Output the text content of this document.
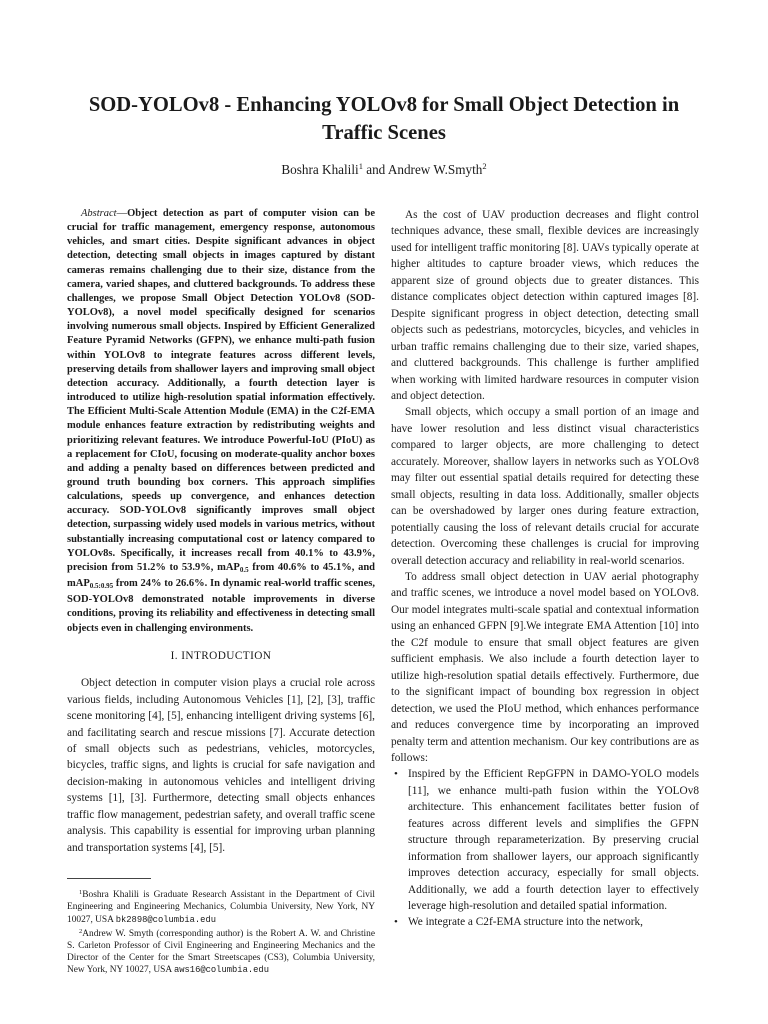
SOD-YOLOv8 - Enhancing YOLOv8 for Small Object Detection in Traffic Scenes
Boshra Khalili$^1$ and Andrew W.Smyth$^2$

Abstract—Object detection as part of computer vision can be crucial for traffic management, emergency response, autonomous vehicles, and smart cities. Despite significant advances in object detection, detecting small objects in images captured by distant cameras remains challenging due to their size, distance from the camera, varied shapes, and cluttered backgrounds. To address these challenges, we propose Small Object Detection YOLOv8 (SOD-YOLOv8), a novel model specifically designed for scenarios involving numerous small objects. Inspired by Efficient Generalized Feature Pyramid Networks (GFPN), we enhance multi-path fusion within YOLOv8 to integrate features across different levels, preserving details from shallower layers and improving small object detection accuracy. Additionally, a fourth detection layer is introduced to utilize high-resolution spatial information effectively. The Efficient Multi-Scale Attention Module (EMA) in the C2f-EMA module enhances feature extraction by redistributing weights and prioritizing relevant features. We introduce Powerful-IoU (PIoU) as a replacement for CIoU, focusing on moderate-quality anchor boxes and adding a penalty based on differences between predicted and ground truth bounding box corners. This approach simplifies calculations, speeds up convergence, and enhances detection accuracy. SOD-YOLOv8 significantly improves small object detection, surpassing widely used models in various metrics, without substantially increasing computational cost or latency compared to YOLOv8s. Specifically, it increases recall from 40.1% to 43.9%, precision from 51.2% to 53.9%, mAP$_{0.5}$ from 40.6% to 45.1%, and mAP$_{0.5:0.95}$ from 24% to 26.6%. In dynamic real-world traffic scenes, SOD-YOLOv8 demonstrated notable improvements in diverse conditions, proving its reliability and effectiveness in detecting small objects even in challenging environments.

I. INTRODUCTION

Object detection in computer vision plays a crucial role across various fields, including Autonomous Vehicles [1], [2], [3], traffic scene monitoring [4], [5], enhancing intelligent driving systems [6], and facilitating search and rescue missions [7]. Accurate detection of small objects such as pedestrians, vehicles, motorcycles, bicycles, traffic signs, and lights is crucial for safe navigation and decision-making in autonomous vehicles and intelligent driving systems [1], [3]. Furthermore, detecting small objects enhances traffic flow management, pedestrian safety, and overall traffic scene analysis. This capability is essential for improving urban planning and transportation systems [4], [5].

$^1$Boshra Khalili is Graduate Research Assistant in the Department of Civil Engineering and Engineering Mechanics, Columbia University, New York, NY 10027, USA bk2898@columbia.edu

$^2$Andrew W. Smyth (corresponding author) is the Robert A. W. and Christine S. Carleton Professor of Civil Engineering and Engineering Mechanics and the Director of the Center for the Smart Streetscapes (CS3), Columbia University, New York, NY 10027, USA aws16@columbia.edu

As the cost of UAV production decreases and flight control techniques advance, these small, flexible devices are increasingly used for intelligent traffic monitoring [8]. UAVs typically operate at higher altitudes to capture broader views, which reduces the apparent size of ground objects due to greater distances. This distance complicates object detection within captured images [8]. Despite significant progress in object detection, detecting small objects such as pedestrians, motorcycles, bicycles, and vehicles in urban traffic remains challenging due to their size, varied shapes, and cluttered backgrounds. This challenge is further amplified when working with limited hardware resources in computer vision and object detection.

Small objects, which occupy a small portion of an image and have lower resolution and less distinct visual characteristics compared to larger objects, are more challenging to detect accurately. Moreover, shallow layers in networks such as YOLOv8 may filter out essential spatial details required for detecting these small objects, resulting in data loss. Additionally, smaller objects can be overshadowed by larger ones during feature extraction, potentially causing the loss of relevant details crucial for accurate detection. Overcoming these challenges is crucial for improving overall detection accuracy and reliability in real-world scenarios.

To address small object detection in UAV aerial photography and traffic scenes, we introduce a novel model based on YOLOv8. Our model integrates multi-scale spatial and contextual information using an enhanced GFPN [9].We integrate EMA Attention [10] into the C2f module to ensure that small object features are given sufficient emphasis. We also include a fourth detection layer to utilize high-resolution spatial details effectively. Furthermore, due to the significant impact of bounding box regression in object detection, we used the PIoU method, which enhances performance and reduces convergence time by incorporating an improved penalty term and attention mechanism. Our key contributions are as follows:

• Inspired by the Efficient RepGFPN in DAMO-YOLO models [11], we enhance multi-path fusion within the YOLOv8 architecture. This enhancement facilitates better fusion of features across different levels and simplifies the GFPN structure through reparameterization. By preserving crucial information from shallower layers, our approach significantly improves detection accuracy, especially for small objects. Additionally, we add a fourth detection layer to effectively leverage high-resolution and detailed spatial information.
• We integrate a C2f-EMA structure into the network,
